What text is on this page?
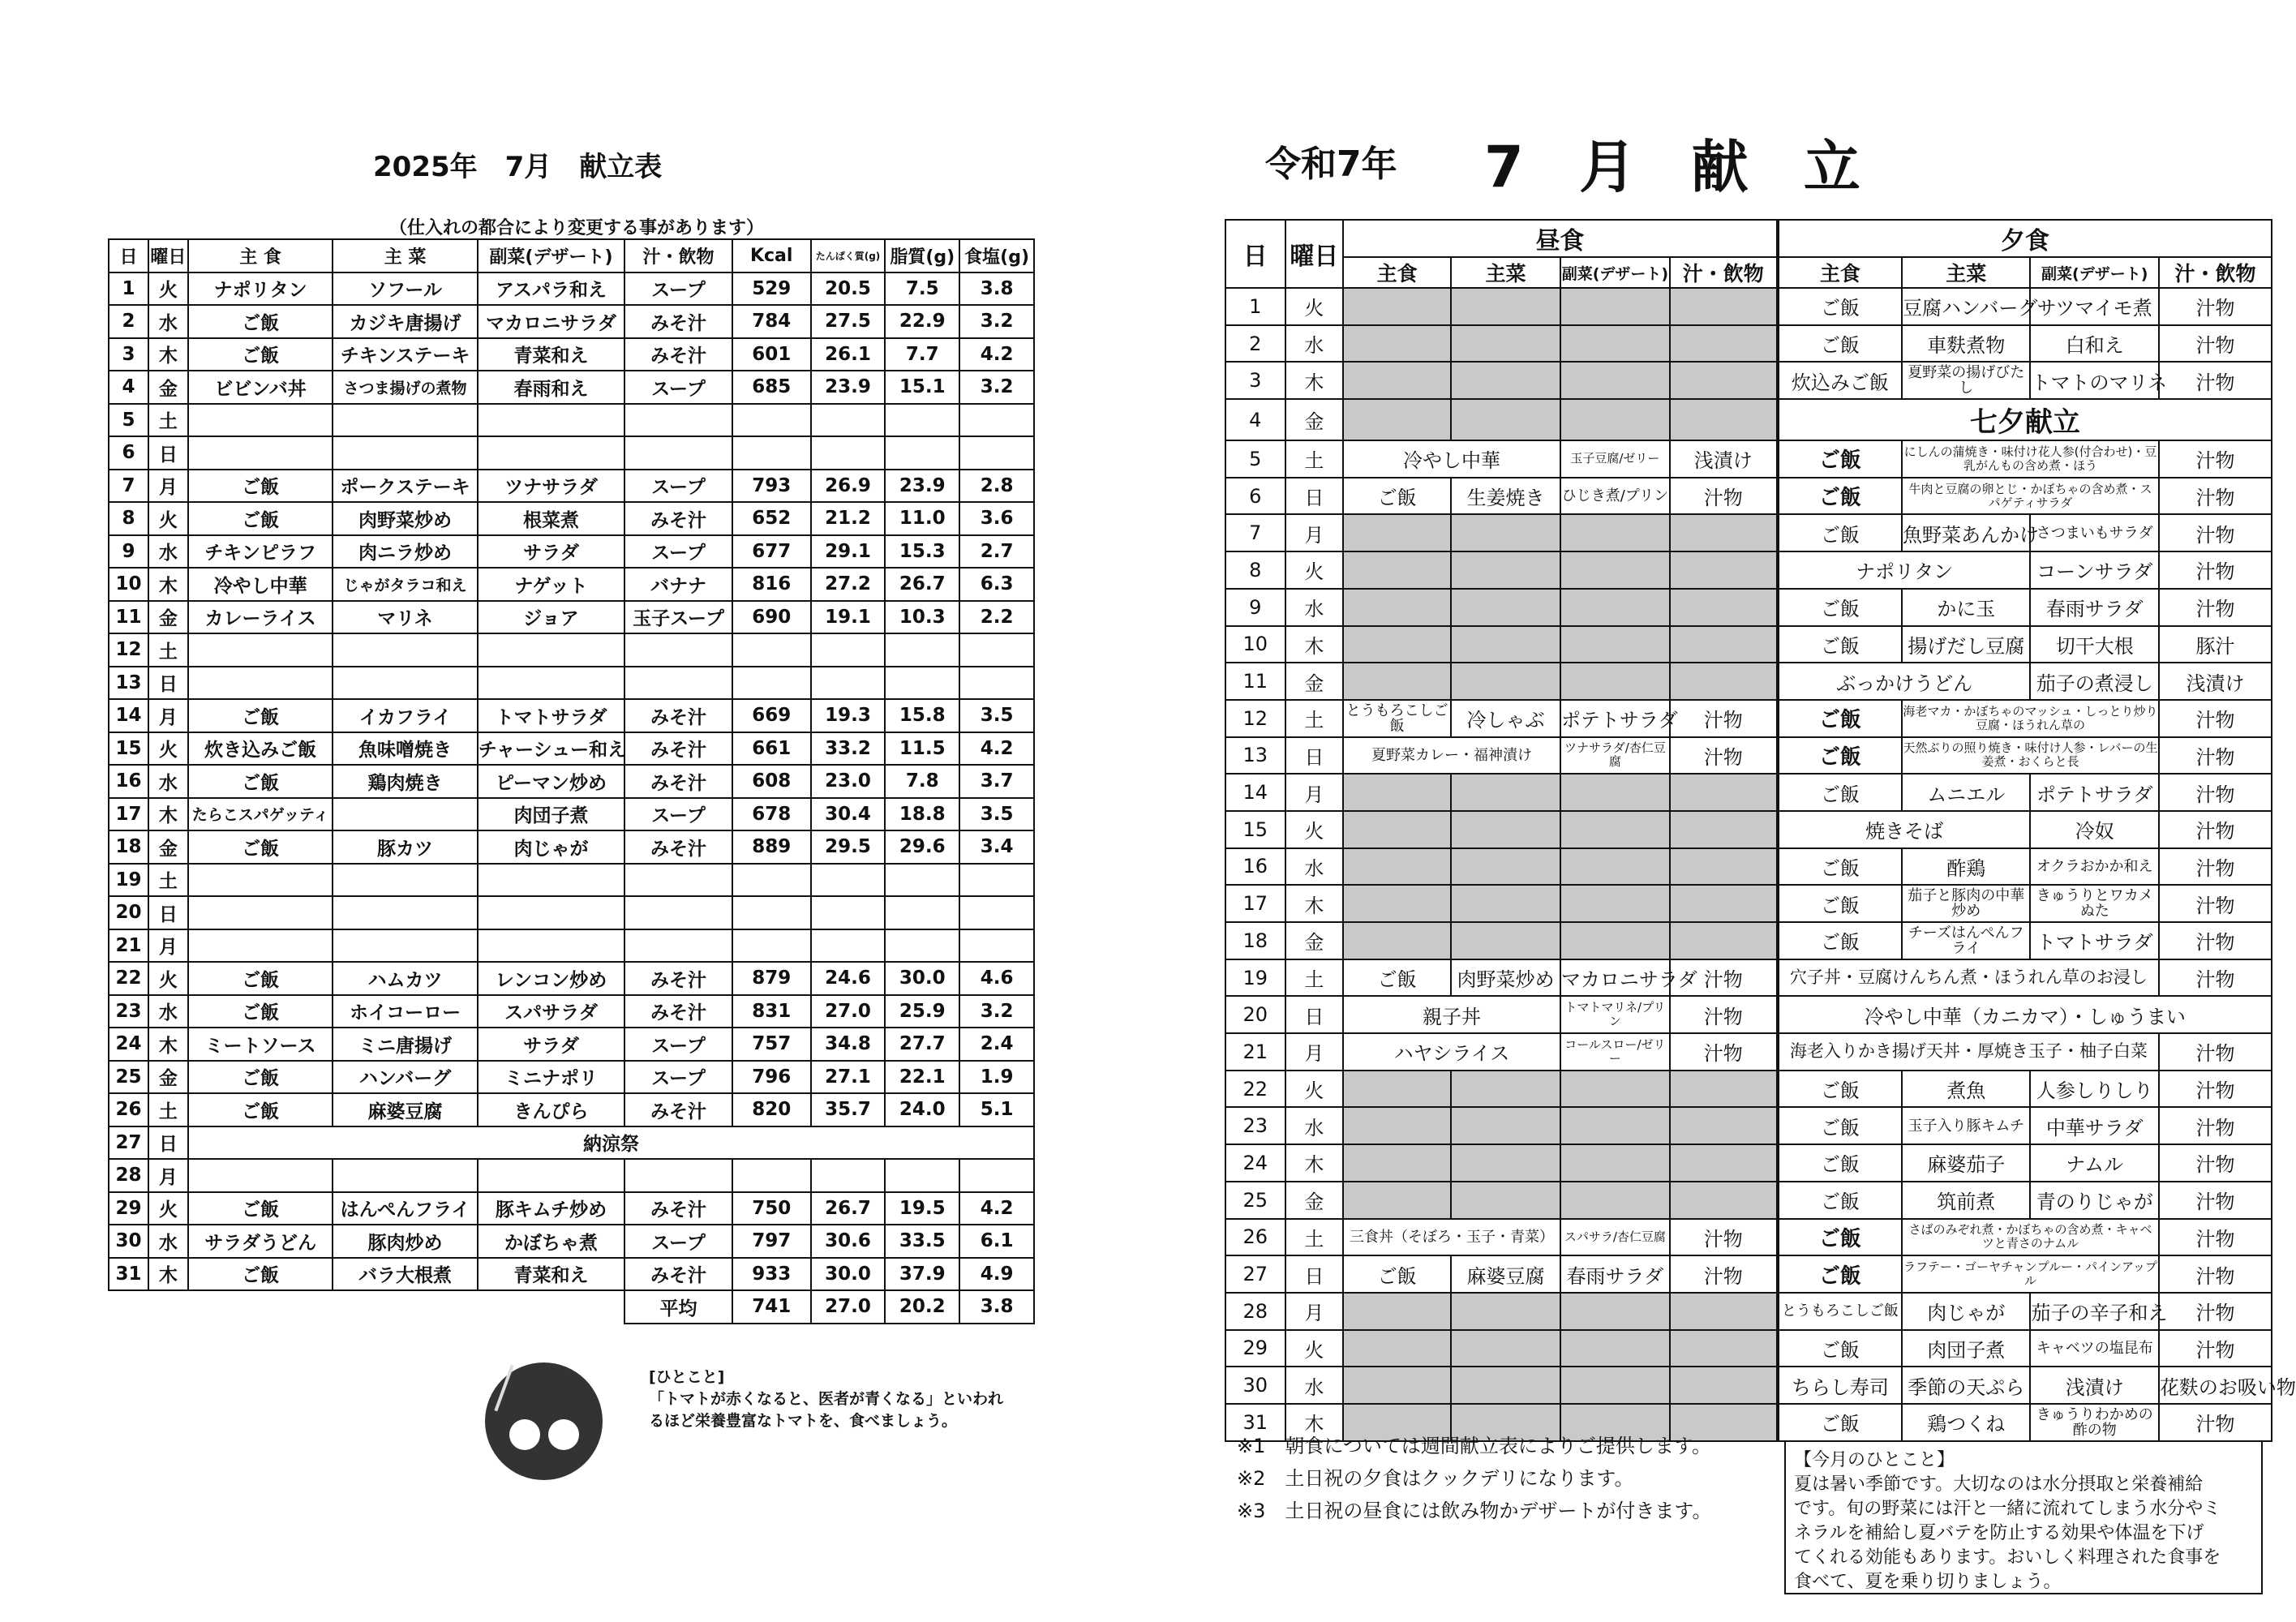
2025年　7月　献立表
（仕入れの都合により変更する事があります）
日	曜日	主 食	主 菜	副菜(デザート)	汁・飲物	Kcal	たんぱく質(g)	脂質(g)	食塩(g)
1	火	ナポリタン	ソフール	アスパラ和え	スープ	529	20.5	7.5	3.8
2	水	ご飯	カジキ唐揚げ	マカロニサラダ	みそ汁	784	27.5	22.9	3.2
3	木	ご飯	チキンステーキ	青菜和え	みそ汁	601	26.1	7.7	4.2
4	金	ビビンバ丼	さつま揚げの煮物	春雨和え	スープ	685	23.9	15.1	3.2
5	土								
6	日								
7	月	ご飯	ポークステーキ	ツナサラダ	スープ	793	26.9	23.9	2.8
8	火	ご飯	肉野菜炒め	根菜煮	みそ汁	652	21.2	11.0	3.6
9	水	チキンピラフ	肉ニラ炒め	サラダ	スープ	677	29.1	15.3	2.7
10	木	冷やし中華	じゃがタラコ和え	ナゲット	バナナ	816	27.2	26.7	6.3
11	金	カレーライス	マリネ	ジョア	玉子スープ	690	19.1	10.3	2.2
12	土								
13	日								
14	月	ご飯	イカフライ	トマトサラダ	みそ汁	669	19.3	15.8	3.5
15	火	炊き込みご飯	魚味噌焼き	チャーシュー和え	みそ汁	661	33.2	11.5	4.2
16	水	ご飯	鶏肉焼き	ピーマン炒め	みそ汁	608	23.0	7.8	3.7
17	木	たらこスパゲッティ		肉団子煮	スープ	678	30.4	18.8	3.5
18	金	ご飯	豚カツ	肉じゃが	みそ汁	889	29.5	29.6	3.4
19	土								
20	日								
21	月								
22	火	ご飯	ハムカツ	レンコン炒め	みそ汁	879	24.6	30.0	4.6
23	水	ご飯	ホイコーロー	スパサラダ	みそ汁	831	27.0	25.9	3.2
24	木	ミートソース	ミニ唐揚げ	サラダ	スープ	757	34.8	27.7	2.4
25	金	ご飯	ハンバーグ	ミニナポリ	スープ	796	27.1	22.1	1.9
26	土	ご飯	麻婆豆腐	きんぴら	みそ汁	820	35.7	24.0	5.1
27	日	納涼祭							
28	月								
29	火	ご飯	はんぺんフライ	豚キムチ炒め	みそ汁	750	26.7	19.5	4.2
30	水	サラダうどん	豚肉炒め	かぼちゃ煮	スープ	797	30.6	33.5	6.1
31	木	ご飯	バラ大根煮	青菜和え	みそ汁	933	30.0	37.9	4.9
					平均	741	27.0	20.2	3.8
[ひとこと]
「トマトが赤くなると、医者が青くなる」といわれ
るほど栄養豊富なトマトを、食べましょう。
令和7年 7 月 献 立
日	曜日	昼食				夕食			
		主食	主菜	副菜(デザート)	汁・飲物	主食	主菜	副菜(デザート)	汁・飲物
1	火					ご飯	豆腐ハンバーグ	サツマイモ煮	汁物
2	水					ご飯	車麩煮物	白和え	汁物
3	木					炊込みご飯	夏野菜の揚げびたし	トマトのマリネ	汁物
4	金					七夕献立			
5	土	冷やし中華		玉子豆腐/ゼリー	浅漬け	ご飯	にしんの蒲焼き・味付け花人参(付合わせ)・豆乳がんもの含め煮・ほう		汁物
6	日	ご飯	生姜焼き	ひじき煮/プリン	汁物	ご飯	牛肉と豆腐の卵とじ・かぼちゃの含め煮・スパゲティサラダ		汁物
7	月					ご飯	魚野菜あんかけ	さつまいもサラダ	汁物
8	火					ナポリタン		コーンサラダ	汁物
9	水					ご飯	かに玉	春雨サラダ	汁物
10	木					ご飯	揚げだし豆腐	切干大根	豚汁
11	金					ぶっかけうどん		茄子の煮浸し	浅漬け
12	土	とうもろこしご飯	冷しゃぶ	ポテトサラダ	汁物	ご飯	海老マカ・かぼちゃのマッシュ・しっとり炒り豆腐・ほうれん草の		汁物
13	日	夏野菜カレー・福神漬け		ツナサラダ/杏仁豆腐	汁物	ご飯	天然ぶりの照り焼き・味付け人参・レバーの生姜煮・おくらと長		汁物
14	月					ご飯	ムニエル	ポテトサラダ	汁物
15	火					焼きそば		冷奴	汁物
16	水					ご飯	酢鶏	オクラおかか和え	汁物
17	木					ご飯	茄子と豚肉の中華炒め	きゅうりとワカメぬた	汁物
18	金					ご飯	チーズはんぺんフライ	トマトサラダ	汁物
19	土	ご飯	肉野菜炒め	マカロニサラダ	汁物	穴子丼・豆腐けんちん煮・ほうれん草のお浸し			汁物
20	日	親子丼		トマトマリネ/プリン	汁物	冷やし中華（カニカマ）・しゅうまい			
21	月	ハヤシライス		コールスロー/ゼリー	汁物	海老入りかき揚げ天丼・厚焼き玉子・柚子白菜			汁物
22	火					ご飯	煮魚	人参しりしり	汁物
23	水					ご飯	玉子入り豚キムチ	中華サラダ	汁物
24	木					ご飯	麻婆茄子	ナムル	汁物
25	金					ご飯	筑前煮	青のりじゃが	汁物
26	土	三食丼（そぼろ・玉子・青菜）		スパサラ/杏仁豆腐	汁物	ご飯	さばのみぞれ煮・かぼちゃの含め煮・キャベツと青さのナムル		汁物
27	日	ご飯	麻婆豆腐	春雨サラダ	汁物	ご飯	ラフテー・ゴーヤチャンプルー・パインアップル		汁物
28	月					とうもろこしご飯	肉じゃが	茄子の辛子和え	汁物
29	火					ご飯	肉団子煮	キャベツの塩昆布	汁物
30	水					ちらし寿司	季節の天ぷら	浅漬け	花麩のお吸い物
31	木					ご飯	鶏つくね	きゅうりわかめの酢の物	汁物
※1　朝食については週間献立表によりご提供します。
※2　土日祝の夕食はクックデリになります。
※3　土日祝の昼食には飲み物かデザートが付きます。
【今月のひとこと】
夏は暑い季節です。大切なのは水分摂取と栄養補給
です。旬の野菜には汗と一緒に流れてしまう水分やミ
ネラルを補給し夏バテを防止する効果や体温を下げ
てくれる効能もあります。おいしく料理された食事を
食べて、夏を乗り切りましょう。
